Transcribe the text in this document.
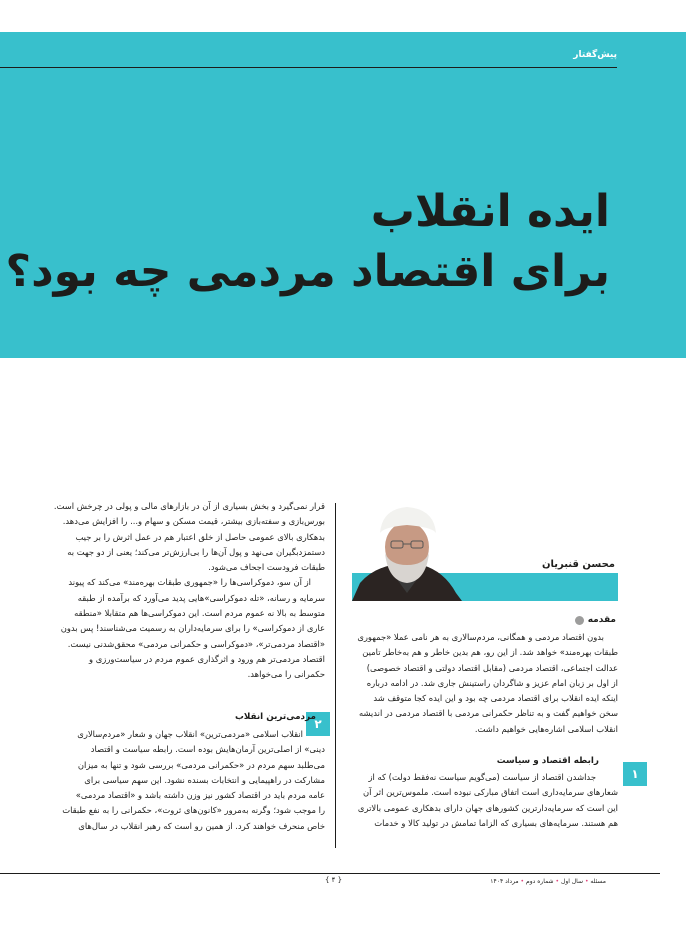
پیش‌گفتار
ایده انقلاب
برای اقتصاد مردمی چه بود؟
محسن قنبریان
مقدمه

بدون اقتصاد مردمی و همگانی، مردم‌سالاری به هر نامی عملا «جمهوری

طبقات بهره‌مند» خواهد شد. از این رو، هم بدین خاطر و هم به‌خاطر تامین

عدالت اجتماعی، اقتصاد مردمی (مقابل اقتصاد دولتی و اقتصاد خصوصی)

از اول بر زبان امام عزیز و شاگردان راستینش جاری شد. در ادامه درباره

اینکه ایده انقلاب برای اقتصاد مردمی چه بود و این ایده کجا متوقف شد

سخن خواهیم گفت و به تناظر حکمرانی مردمی با اقتصاد مردمی در اندیشه

انقلاب اسلامی اشاره‌هایی خواهیم داشت.

۱
رابطه اقتصاد و سیاست

جداشدن اقتصاد از سیاست (می‌گویم سیاست نه‌فقط دولت) که از

شعارهای سرمایه‌داری است اتفاق مبارکی نبوده است. ملموس‌ترین اثر آن

این است که سرمایه‌دارترین کشورهای جهان دارای بدهکاری عمومی بالاتری

هم هستند. سرمایه‌های بسیاری که الزاما تمامش در تولید کالا و خدمات

قرار نمی‌گیرد و بخش بسیاری از آن در بازارهای مالی و پولی در چرخش است.

بورس‌بازی و سفته‌بازی بیشتر، قیمت مسکن و سهام و... را افزایش می‌دهد.

بدهکاری بالای عمومی حاصل از خلق اعتبار هم در عمل اثرش را بر جیب

دستمزدبگیران می‌نهد و پول آن‌ها را بی‌ارزش‌تر می‌کند؛ یعنی از دو جهت به

طبقات فرودست اجحاف می‌شود.

از آن سو، دموکراسی‌ها را «جمهوری طبقات بهره‌مند» می‌کند که پیوند

سرمایه و رسانه، «تله دموکراسی»هایی پدید می‌آورد که برآمده از طبقه

متوسط به بالا نه عموم مردم است. این دموکراسی‌ها هم متقابلا «منطقه

عاری از دموکراسی» را برای سرمایه‌داران به رسمیت می‌شناسند! پس بدون

«اقتصاد مردمی‌تر»، «دموکراسی و حکمرانی مردمی» محقق‌شدنی نیست.

اقتصاد مردمی‌تر هم ورود و اثرگذاری عموم مردم در سیاست‌ورزی و

حکمرانی را می‌خواهد.

۲
مردمی‌ترین انقلاب

انقلاب اسلامی «مردمی‌ترین» انقلاب جهان و شعار «مردم‌سالاری

دینی» از اصلی‌ترین آرمان‌هایش بوده است. رابطه سیاست و اقتصاد

می‌طلبد سهم مردم در «حکمرانی مردمی» بررسی شود و تنها به میزان

مشارکت در راهپیمایی و انتخابات بسنده نشود. این سهم سیاسی برای

عامه مردم باید در اقتصاد کشور نیز وزن داشته باشد و «اقتصاد مردمی»

را موجب شود؛ وگرنه به‌مرور «کانون‌های ثروت»، حکمرانی را به نفع طبقات

خاص منحرف خواهند کرد. از همین رو است که رهبر انقلاب در سال‌های

{ ۴ }	مسئله • سال اول • شماره دوم • مرداد ۱۴۰۴
